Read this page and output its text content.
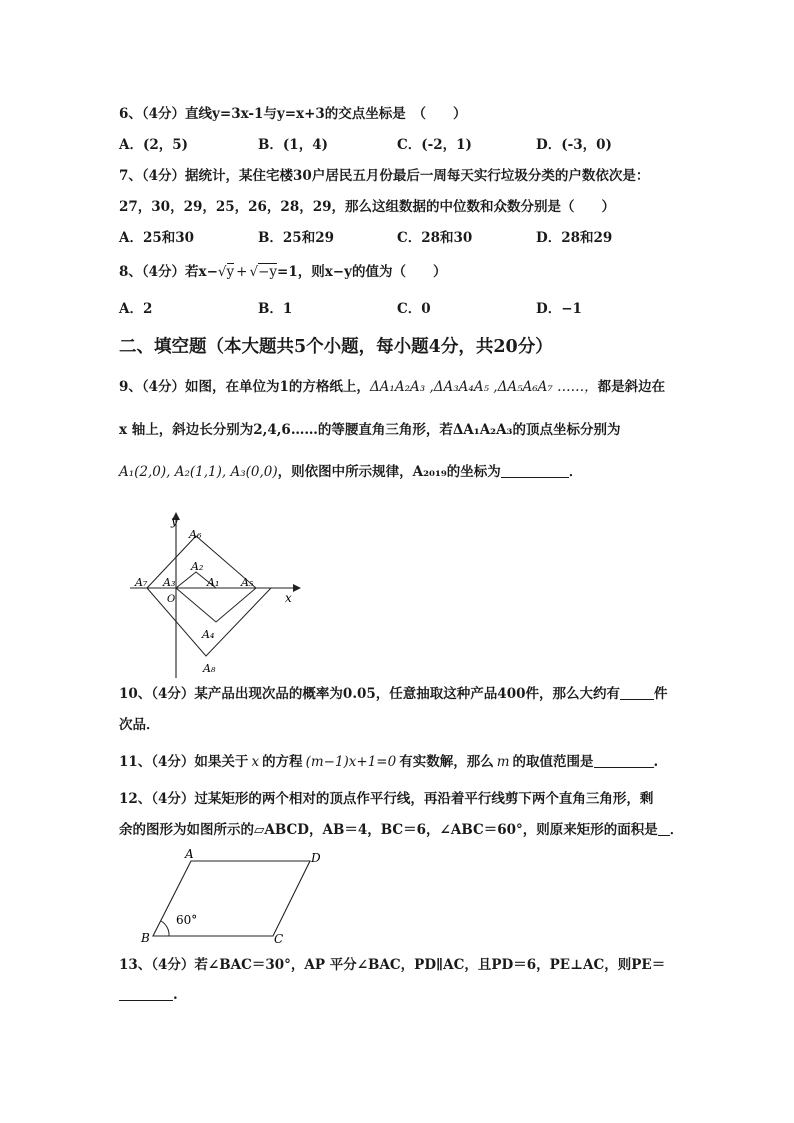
6、（4分）直线y=3x-1与y=x+3的交点坐标是　（　　）
A．(2，5)	B．(1，4)	C．(-2，1)	D．(-3，0)
7、（4分）据统计，某住宅楼30户居民五月份最后一周每天实行垃圾分类的户数依次是：
27，30，29，25，26，28，29，那么这组数据的中位数和众数分别是（　　）
A．25和30	B．25和29	C．28和30	D．28和29
8、（4分）若x−√y + √−y=1，则x−y的值为（　　）
A．2	B．1	C．0	D．−1
二、填空题（本大题共5个小题，每小题4分，共20分）
9、（4分）如图，在单位为1的方格纸上，ΔA₁A₂A₃ ,ΔA₃A₄A₅ ,ΔA₅A₆A₇ ……，都是斜边在
x 轴上，斜边长分别为2,4,6……的等腰直角三角形，若ΔA₁A₂A₃的顶点坐标分别为
A₁(2,0), A₂(1,1), A₃(0,0)，则依图中所示规律，A₂₀₁₉的坐标为	．
y
x
O
A₆
A₂
A₁
A₃
A₇	A₅
A₄
A₈
10、（4分）某产品出现次品的概率为0.05，任意抽取这种产品400件，那么大约有	件
次品．
11、（4分）如果关于 x 的方程 (m−1)x+1=0 有实数解，那么 m 的取值范围是	.
12、（4分）过某矩形的两个相对的顶点作平行线，再沿着平行线剪下两个直角三角形，剩
余的图形为如图所示的▱ABCD，AB＝4，BC＝6，∠ABC＝60°，则原来矩形的面积是 ．
A	D
B	C
60°
13、（4分）若∠BAC＝30°，AP 平分∠BAC，PD∥AC，且PD＝6，PE⊥AC，则PE＝
.
